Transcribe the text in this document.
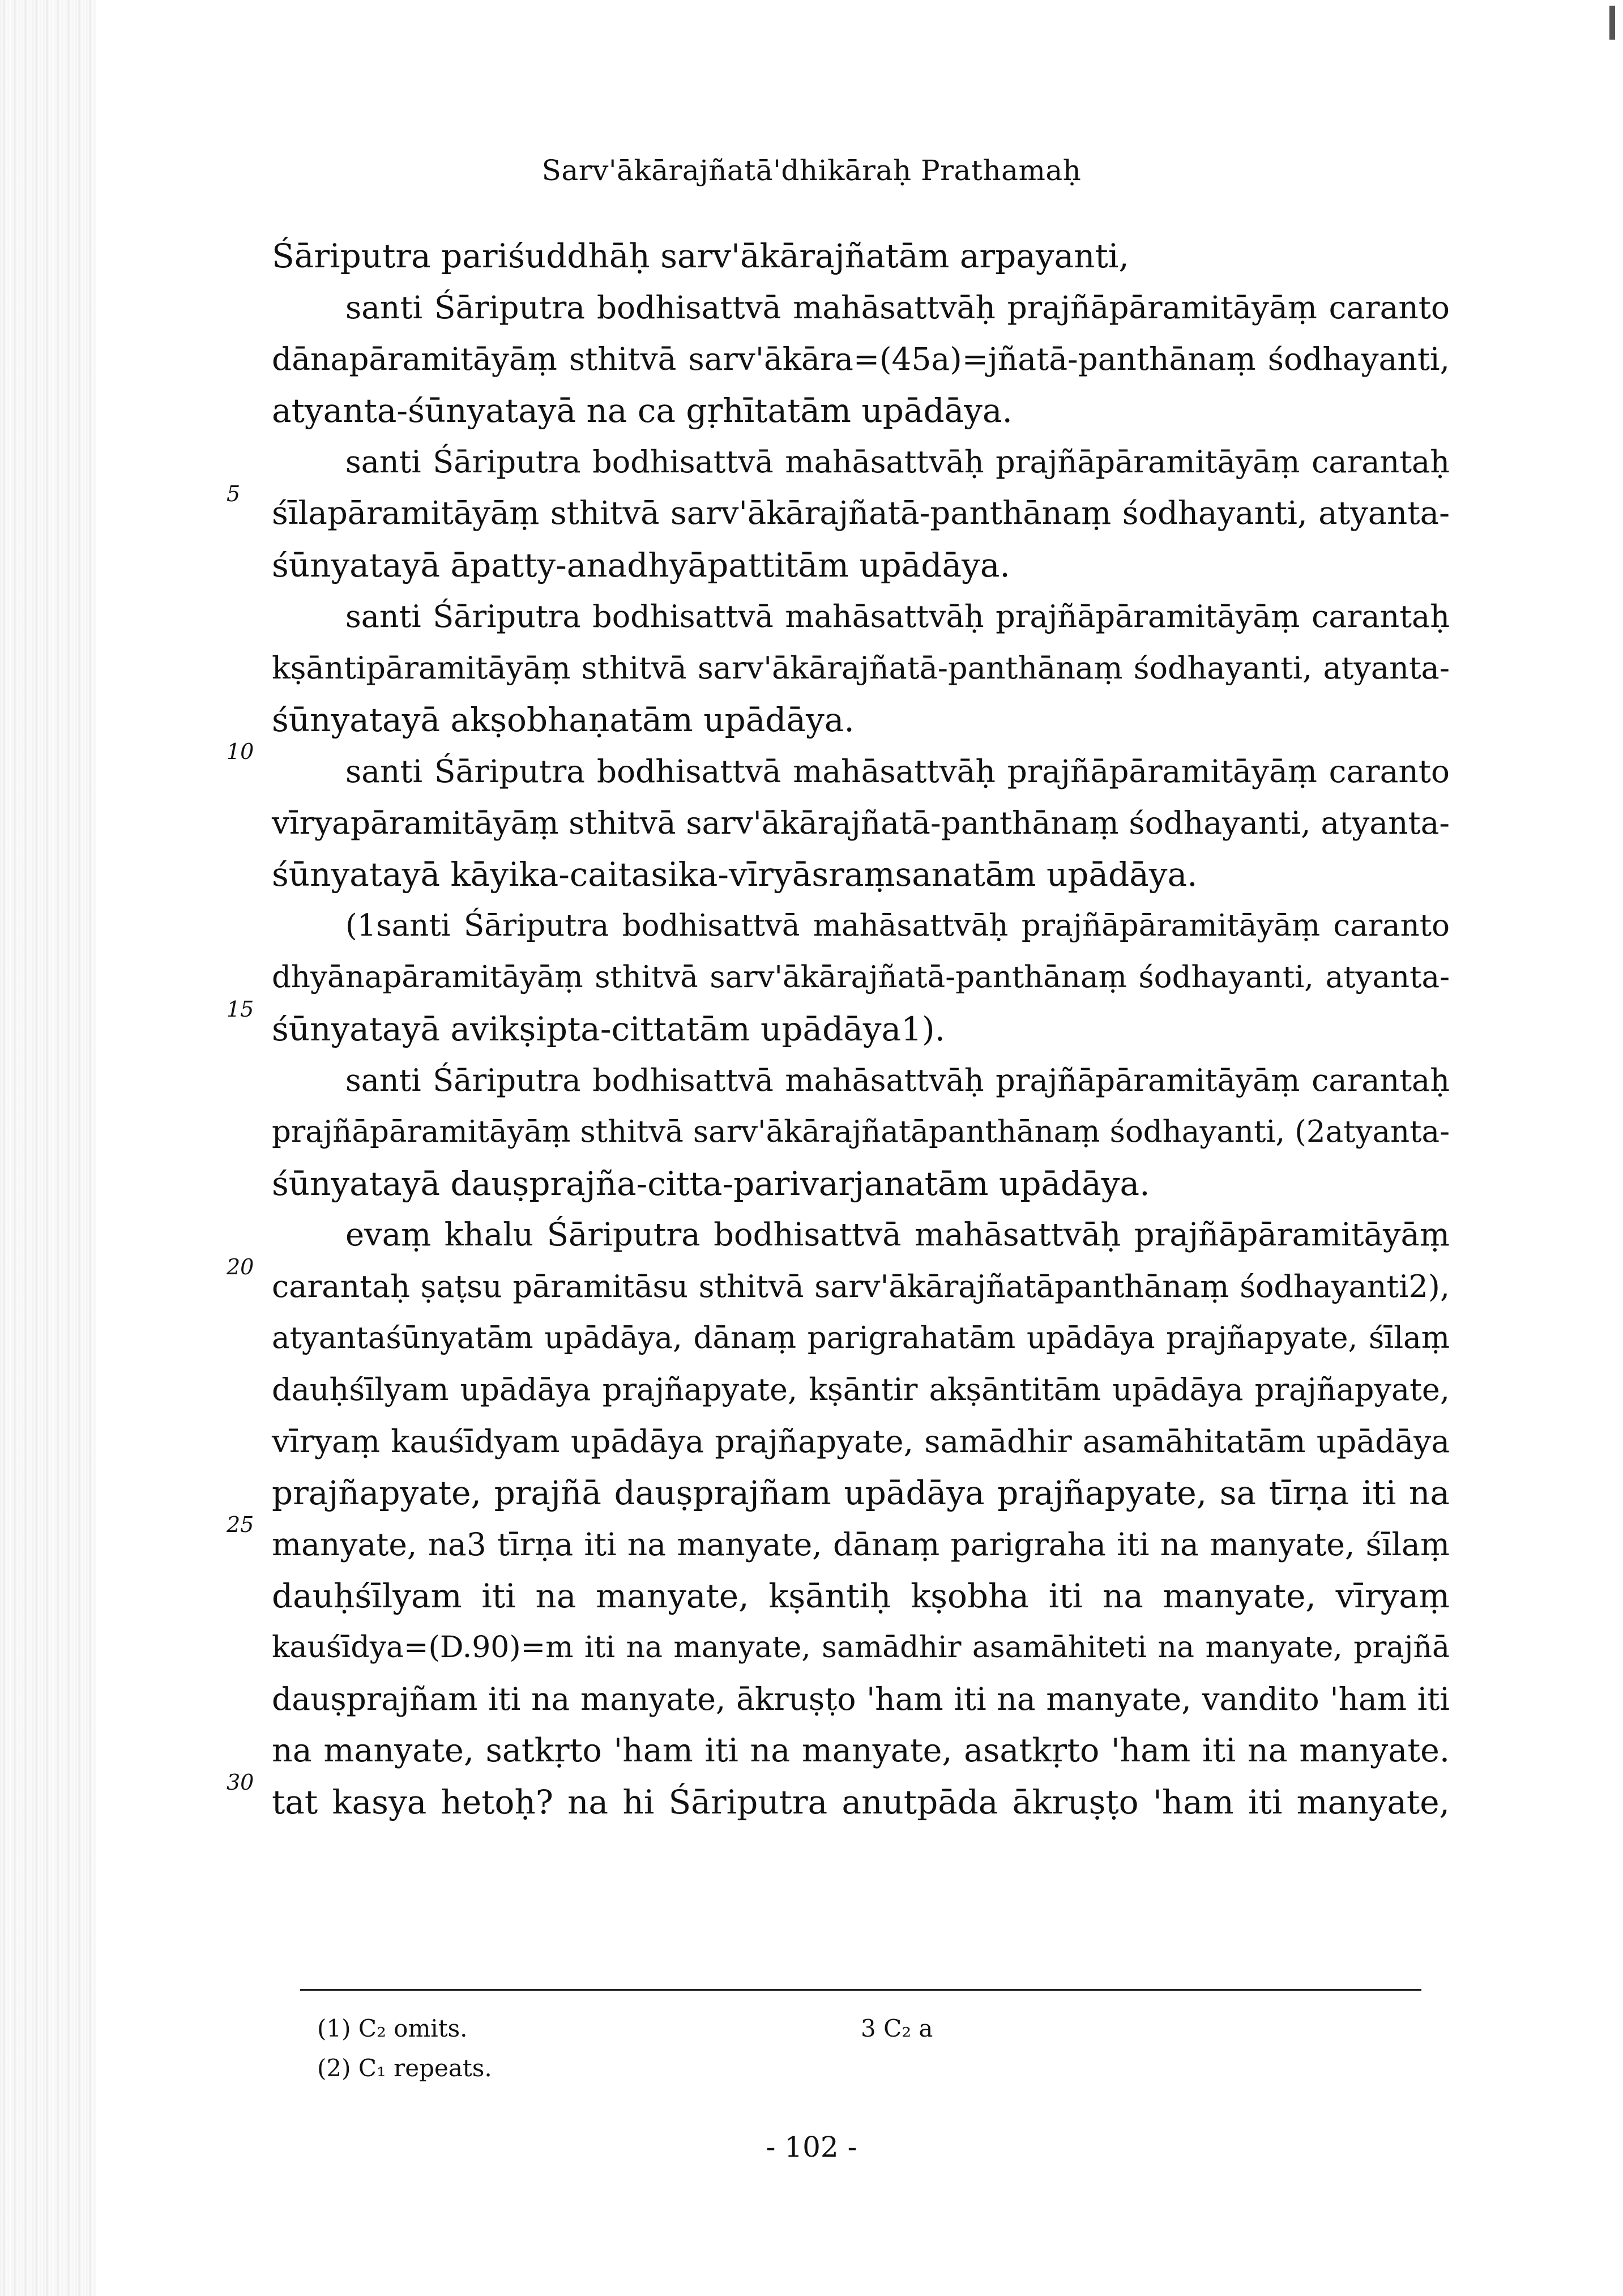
Sarv'ākārajñatā'dhikāraḥ Prathamaḥ
5
10
15
20
25
30
Śāriputra pariśuddhāḥ sarv'ākārajñatām arpayanti,
santi Śāriputra bodhisattvā mahāsattvāḥ prajñāpāramitāyāṃ caranto
dānapāramitāyāṃ sthitvā sarv'ākāra=(45a)=jñatā-panthānaṃ śodhayanti,
atyanta-śūnyatayā na ca gṛhītatām upādāya.
santi Śāriputra bodhisattvā mahāsattvāḥ prajñāpāramitāyāṃ carantaḥ
śīlapāramitāyāṃ sthitvā sarv'ākārajñatā-panthānaṃ śodhayanti, atyanta-
śūnyatayā āpatty-anadhyāpattitām upādāya.
santi Śāriputra bodhisattvā mahāsattvāḥ prajñāpāramitāyāṃ carantaḥ
kṣāntipāramitāyāṃ sthitvā sarv'ākārajñatā-panthānaṃ śodhayanti, atyanta-
śūnyatayā akṣobhaṇatām upādāya.
santi Śāriputra bodhisattvā mahāsattvāḥ prajñāpāramitāyāṃ caranto
vīryapāramitāyāṃ sthitvā sarv'ākārajñatā-panthānaṃ śodhayanti, atyanta-
śūnyatayā kāyika-caitasika-vīryāsraṃsanatām upādāya.
(1santi Śāriputra bodhisattvā mahāsattvāḥ prajñāpāramitāyāṃ caranto
dhyānapāramitāyāṃ sthitvā sarv'ākārajñatā-panthānaṃ śodhayanti, atyanta-
śūnyatayā avikṣipta-cittatām upādāya1).
santi Śāriputra bodhisattvā mahāsattvāḥ prajñāpāramitāyāṃ carantaḥ
prajñāpāramitāyāṃ sthitvā sarv'ākārajñatāpanthānaṃ śodhayanti, (2atyanta-
śūnyatayā dauṣprajña-citta-parivarjanatām upādāya.
evaṃ khalu Śāriputra bodhisattvā mahāsattvāḥ prajñāpāramitāyāṃ
carantaḥ ṣaṭsu pāramitāsu sthitvā sarv'ākārajñatāpanthānaṃ śodhayanti2),
atyantaśūnyatām upādāya, dānaṃ parigrahatām upādāya prajñapyate, śīlaṃ
dauḥśīlyam upādāya prajñapyate, kṣāntir akṣāntitām upādāya prajñapyate,
vīryaṃ kauśīdyam upādāya prajñapyate, samādhir asamāhitatām upādāya
prajñapyate, prajñā dauṣprajñam upādāya prajñapyate, sa tīrṇa iti na
manyate, na3 tīrṇa iti na manyate, dānaṃ parigraha iti na manyate, śīlaṃ
dauḥśīlyam iti na manyate, kṣāntiḥ kṣobha iti na manyate, vīryaṃ
kauśīdya=(D.90)=m iti na manyate, samādhir asamāhiteti na manyate, prajñā
dauṣprajñam iti na manyate, ākruṣṭo 'ham iti na manyate, vandito 'ham iti
na manyate, satkṛto 'ham iti na manyate, asatkṛto 'ham iti na manyate.
tat kasya hetoḥ? na hi Śāriputra anutpāda ākruṣṭo 'ham iti manyate,
(1) C₂ omits.	3 C₂ a
(2) C₁ repeats.
- 102 -
